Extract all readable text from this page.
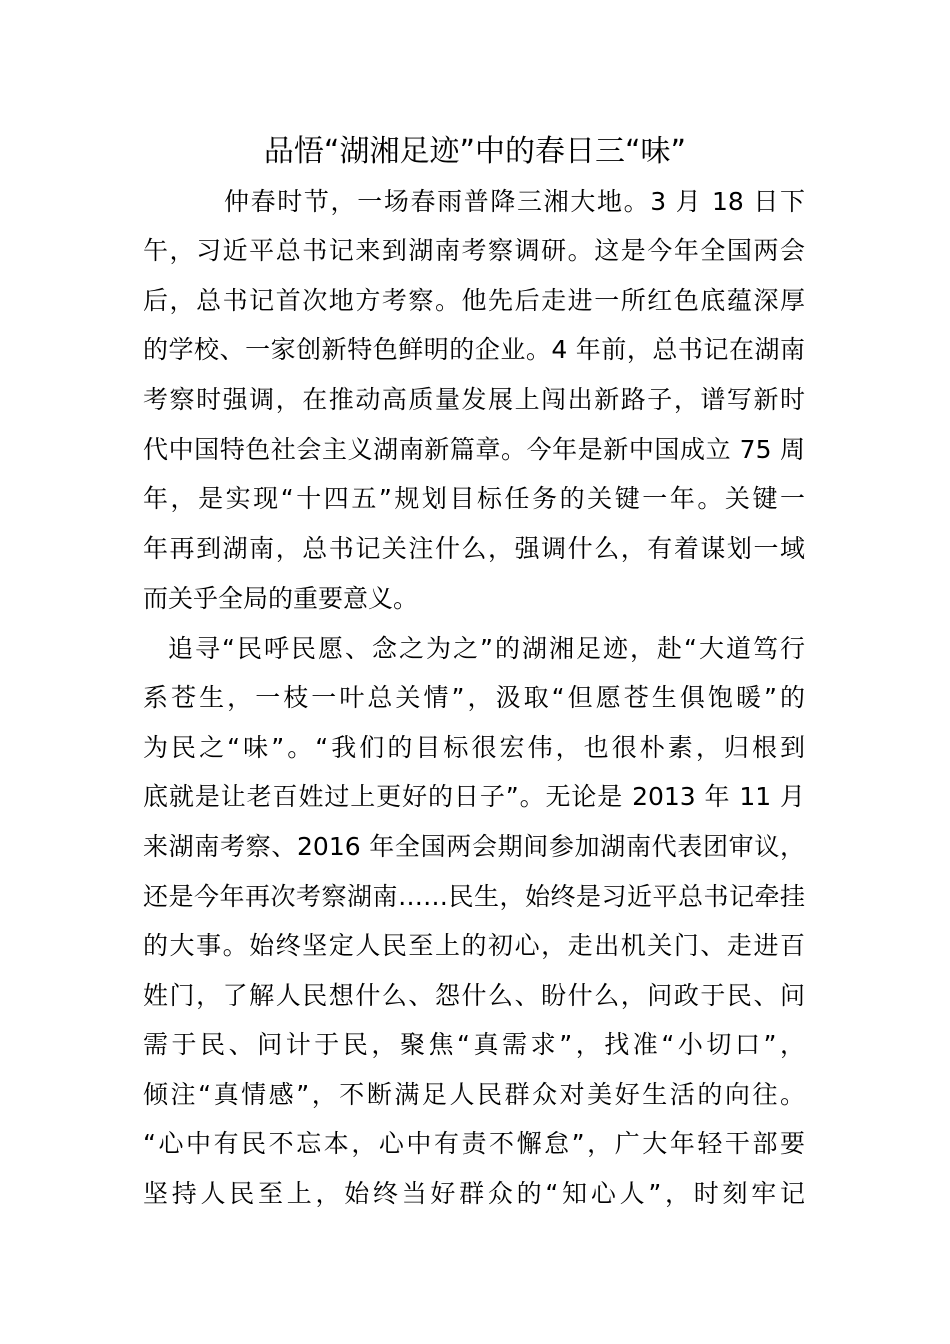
品悟“湖湘足迹”中的春日三“味”
仲春时节，一场春雨普降三湘大地。3 月 18 日下
午，习近平总书记来到湖南考察调研。这是今年全国两会
后，总书记首次地方考察。他先后走进一所红色底蕴深厚
的学校、一家创新特色鲜明的企业。4 年前，总书记在湖南
考察时强调，在推动高质量发展上闯出新路子，谱写新时
代中国特色社会主义湖南新篇章。今年是新中国成立 75 周
年，是实现“十四五”规划目标任务的关键一年。关键一
年再到湖南，总书记关注什么，强调什么，有着谋划一域
而关乎全局的重要意义。
追寻“民呼民愿、念之为之”的湖湘足迹，赴“大道笃行
系苍生，一枝一叶总关情”，汲取“但愿苍生俱饱暖”的
为民之“味”。“我们的目标很宏伟，也很朴素，归根到
底就是让老百姓过上更好的日子”。无论是 2013 年 11 月
来湖南考察、2016 年全国两会期间参加湖南代表团审议，
还是今年再次考察湖南……民生，始终是习近平总书记牵挂
的大事。始终坚定人民至上的初心，走出机关门、走进百
姓门，了解人民想什么、怨什么、盼什么，问政于民、问
需于民、问计于民，聚焦“真需求”，找准“小切口”，
倾注“真情感”，不断满足人民群众对美好生活的向往。
“心中有民不忘本，心中有责不懈怠”，广大年轻干部要
坚持人民至上，始终当好群众的“知心人”，时刻牢记
